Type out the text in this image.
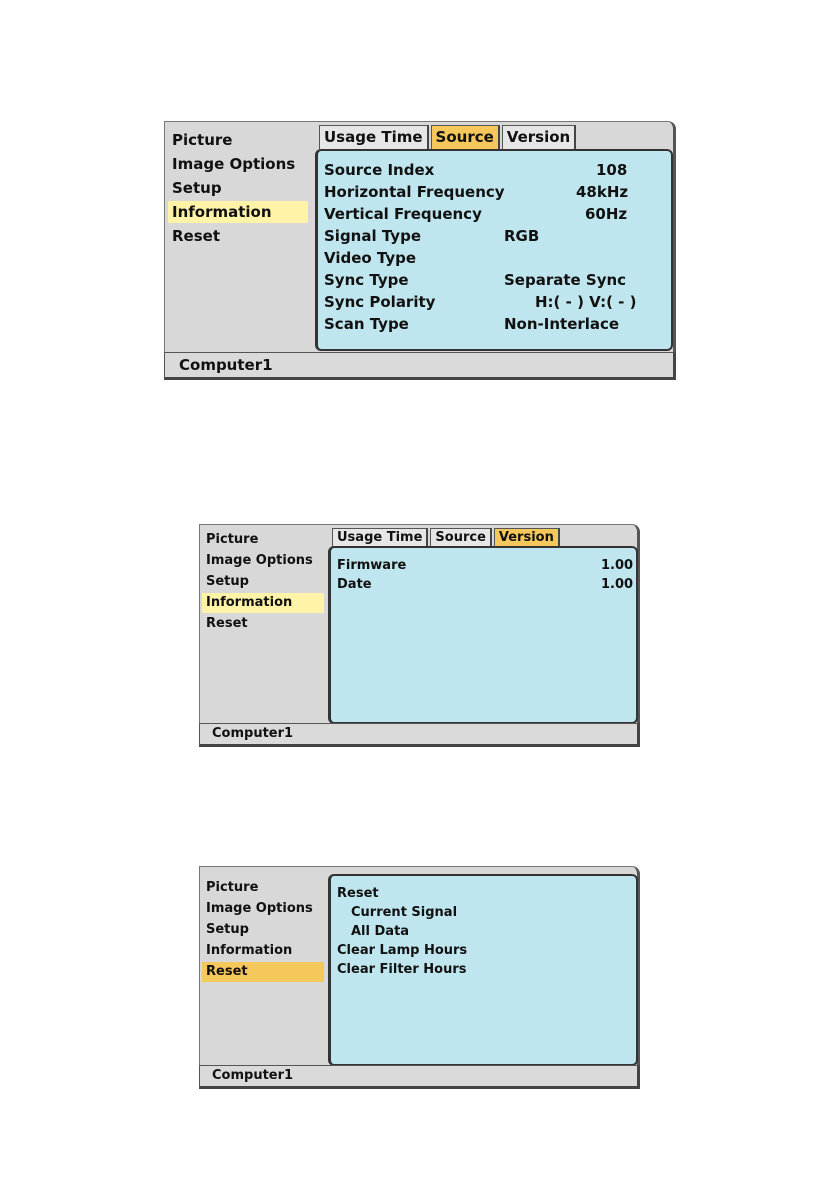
Picture
Image Options
Setup
Information
Reset
Usage Time Source Version
Source Index	108
Horizontal Frequency	48kHz
Vertical Frequency	60Hz
Signal Type	RGB
Video Type
Sync Type	Separate Sync
Sync Polarity	H:( - ) V:( - )
Scan Type	Non-Interlace
Computer1
Picture
Image Options
Setup
Information
Reset
Usage Time	Source	Version
Firmware	1.00
Date	1.00
Computer1
Picture
Image Options
Setup
Information
Reset
Reset
Current Signal
All Data
Clear Lamp Hours
Clear Filter Hours
Computer1
